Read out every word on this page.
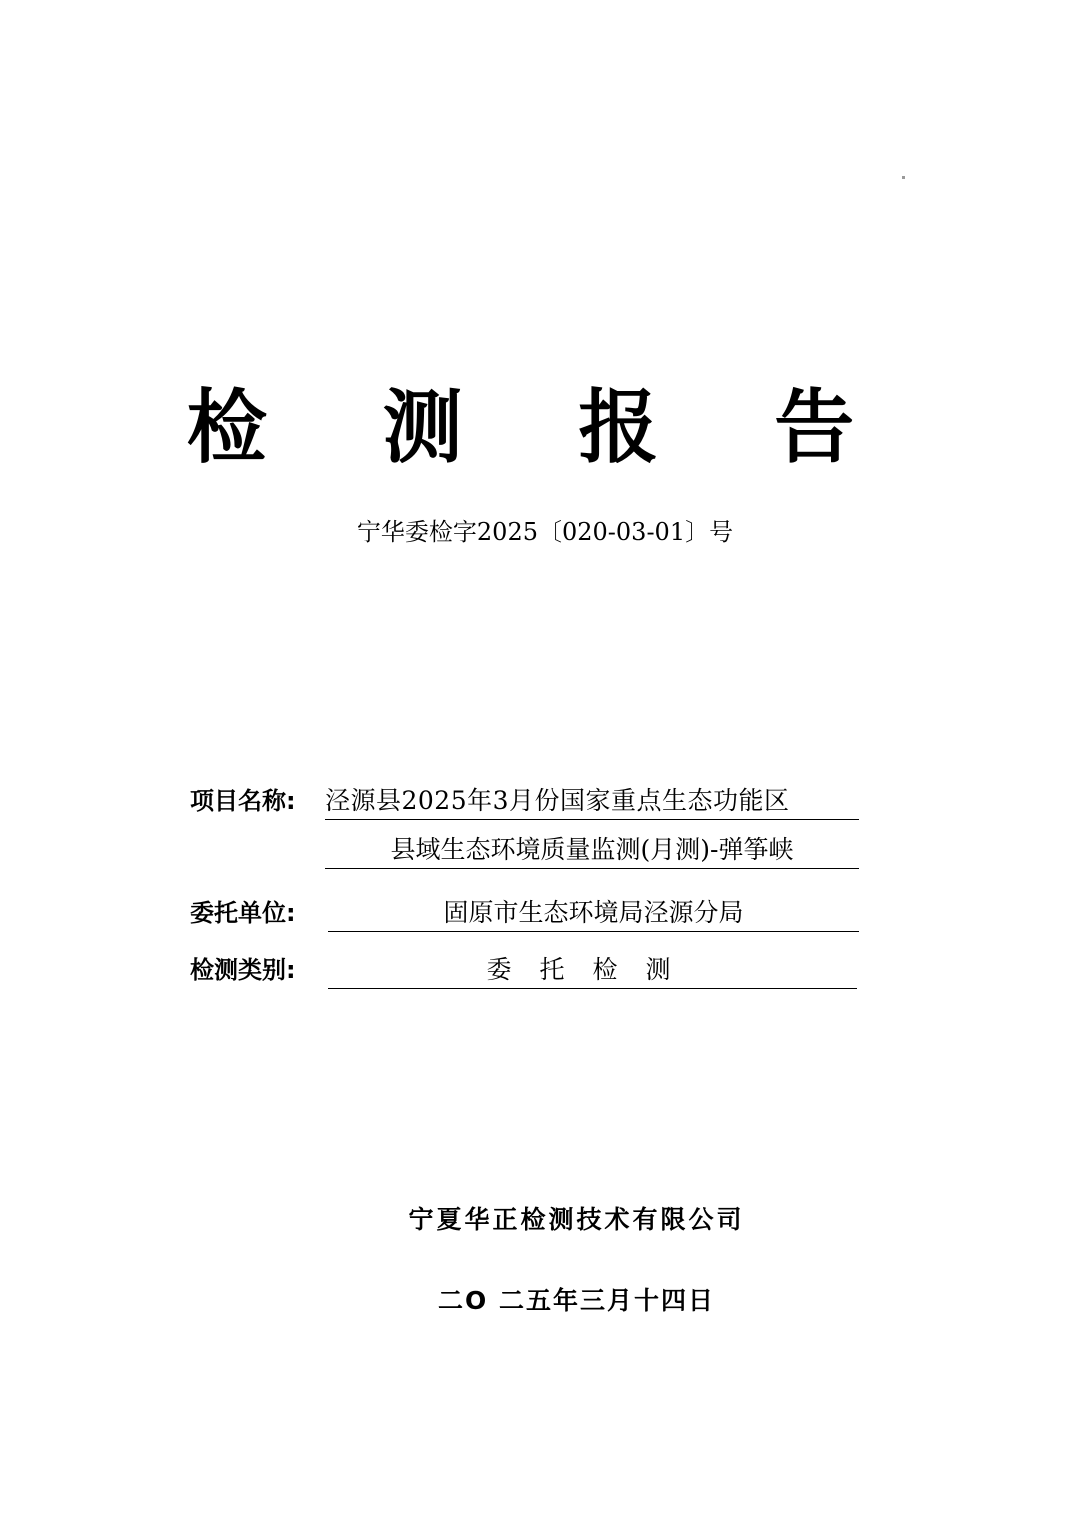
检 测 报 告
宁华委检字2025〔020-03-01〕号
项目名称: 泾源县2025年3月份国家重点生态功能区
县域生态环境质量监测(月测)-弹筝峡
委托单位:	固原市生态环境局泾源分局
检测类别:	委托检测
宁夏华正检测技术有限公司
二O 二五年三月十四日
